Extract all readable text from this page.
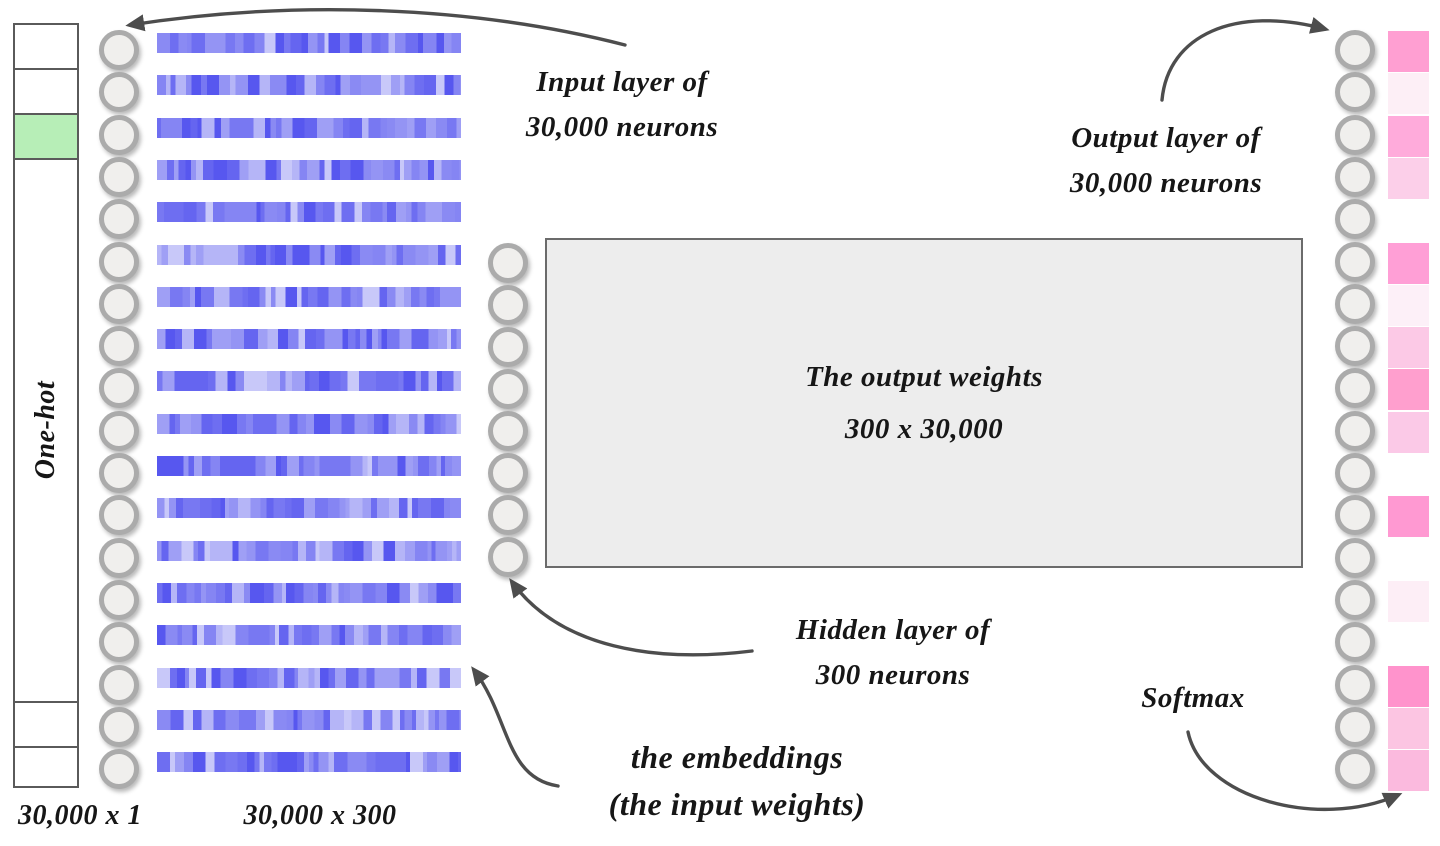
One-hot
The output weights
300 x 30,000
Input layer of
30,000 neurons	Output layer of
30,000 neurons
Hidden layer of
300 neurons
the embeddings
(the input weights)
Softmax
30,000 x 1	30,000 x 300
